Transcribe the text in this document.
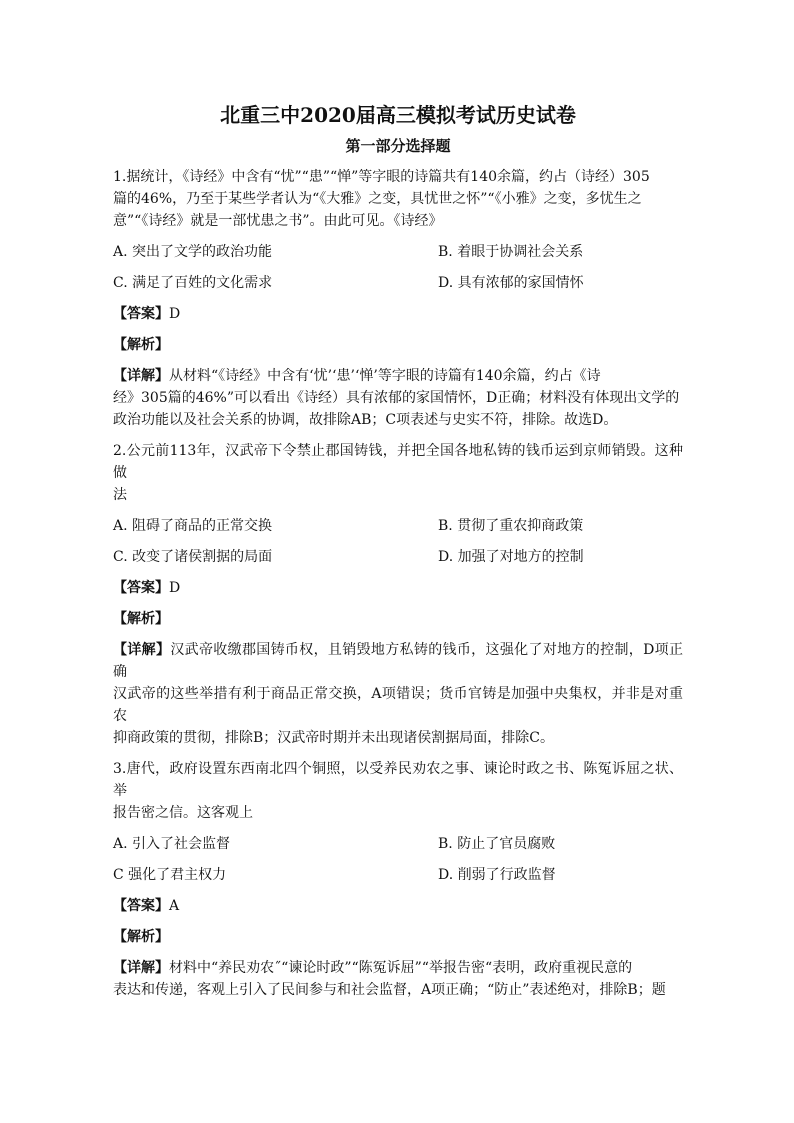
北重三中2020届高三模拟考试历史试卷
第一部分选择题
1.据统计，《诗经》中含有“忧”“患”“惮”等字眼的诗篇共有140余篇，约占（诗经）305
篇的46%，乃至于某些学者认为“《大雅》之变，具忧世之怀”“《小雅》之变，多忧生之
意”“《诗经》就是一部忧患之书”。由此可见。《诗经》
A. 突出了文学的政治功能	B. 着眼于协调社会关系
C. 满足了百姓的文化需求	D. 具有浓郁的家国情怀
【答案】D
【解析】
【详解】从材料“《诗经》中含有‘忧’‘患’‘惮’等字眼的诗篇有140余篇，约占《诗
经》305篇的46%”可以看出《诗经）具有浓郁的家国情怀，D正确；材料没有体现出文学的
政治功能以及社会关系的协调，故排除AB；C项表述与史实不符，排除。故选D。
2.公元前113年，汉武帝下令禁止郡国铸钱，并把全国各地私铸的钱币运到京师销毁。这种做
法
A. 阻碍了商品的正常交换	B. 贯彻了重农抑商政策
C. 改变了诸侯割据的局面	D. 加强了对地方的控制
【答案】D
【解析】
【详解】汉武帝收缴郡国铸币权，且销毁地方私铸的钱币，这强化了对地方的控制，D项正确
汉武帝的这些举措有利于商品正常交换，A项错误；货币官铸是加强中央集权，并非是对重农
抑商政策的贯彻，排除B；汉武帝时期并未出现诸侯割据局面，排除C。
3.唐代，政府设置东西南北四个铜照，以受养民劝农之事、谏论时政之书、陈冤诉屈之状、举
报告密之信。这客观上
A. 引入了社会监督	B. 防止了官员腐败
C 强化了君主权力	D. 削弱了行政监督
【答案】A
【解析】
【详解】材料中“养民劝农˝“谏论时政”“陈冤诉屈”“举报告密“表明，政府重视民意的
表达和传递，客观上引入了民间参与和社会监督，A项正确；“防止”表述绝对，排除B；题
